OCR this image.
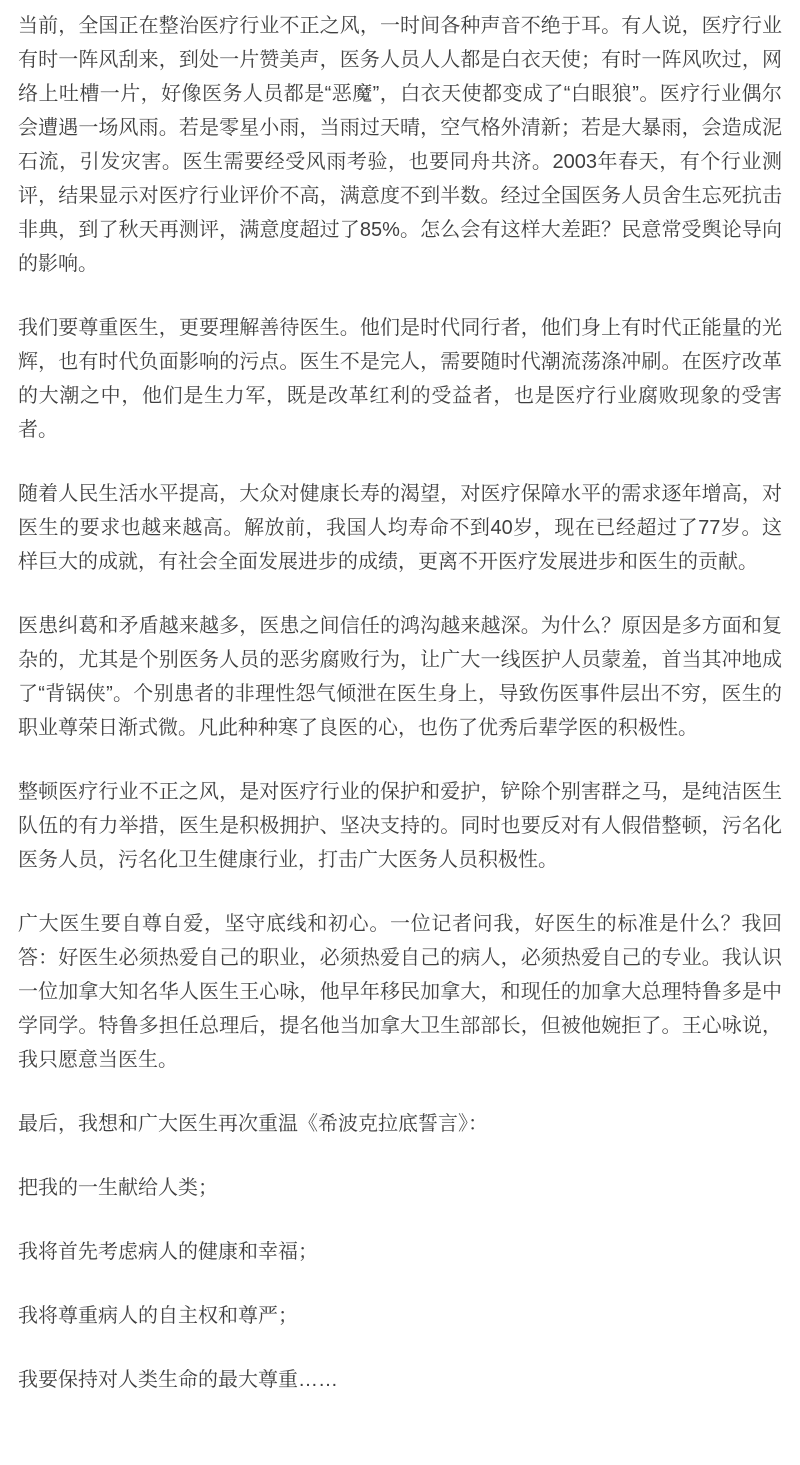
当前，全国正在整治医疗行业不正之风，一时间各种声音不绝于耳。有人说，医疗行业有时一阵风刮来，到处一片赞美声，医务人员人人都是白衣天使；有时一阵风吹过，网络上吐槽一片，好像医务人员都是“恶魔”，白衣天使都变成了“白眼狼”。医疗行业偶尔会遭遇一场风雨。若是零星小雨，当雨过天晴，空气格外清新；若是大暴雨，会造成泥石流，引发灾害。医生需要经受风雨考验，也要同舟共济。2003年春天，有个行业测评，结果显示对医疗行业评价不高，满意度不到半数。经过全国医务人员舍生忘死抗击非典，到了秋天再测评，满意度超过了85%。怎么会有这样大差距？民意常受舆论导向的影响。

我们要尊重医生，更要理解善待医生。他们是时代同行者，他们身上有时代正能量的光辉，也有时代负面影响的污点。医生不是完人，需要随时代潮流荡涤冲刷。在医疗改革的大潮之中，他们是生力军，既是改革红利的受益者，也是医疗行业腐败现象的受害者。

随着人民生活水平提高，大众对健康长寿的渴望，对医疗保障水平的需求逐年增高，对医生的要求也越来越高。解放前，我国人均寿命不到40岁，现在已经超过了77岁。这样巨大的成就，有社会全面发展进步的成绩，更离不开医疗发展进步和医生的贡献。

医患纠葛和矛盾越来越多，医患之间信任的鸿沟越来越深。为什么？原因是多方面和复杂的，尤其是个别医务人员的恶劣腐败行为，让广大一线医护人员蒙羞，首当其冲地成了“背锅侠”。个别患者的非理性怨气倾泄在医生身上，导致伤医事件层出不穷，医生的职业尊荣日渐式微。凡此种种寒了良医的心，也伤了优秀后辈学医的积极性。

整顿医疗行业不正之风，是对医疗行业的保护和爱护，铲除个别害群之马，是纯洁医生队伍的有力举措，医生是积极拥护、坚决支持的。同时也要反对有人假借整顿，污名化医务人员，污名化卫生健康行业，打击广大医务人员积极性。

广大医生要自尊自爱，坚守底线和初心。一位记者问我，好医生的标准是什么？我回答：好医生必须热爱自己的职业，必须热爱自己的病人，必须热爱自己的专业。我认识一位加拿大知名华人医生王心咏，他早年移民加拿大，和现任的加拿大总理特鲁多是中学同学。特鲁多担任总理后，提名他当加拿大卫生部部长，但被他婉拒了。王心咏说，我只愿意当医生。

最后，我想和广大医生再次重温《希波克拉底誓言》：

把我的一生献给人类；

我将首先考虑病人的健康和幸福；

我将尊重病人的自主权和尊严；

我要保持对人类生命的最大尊重……
